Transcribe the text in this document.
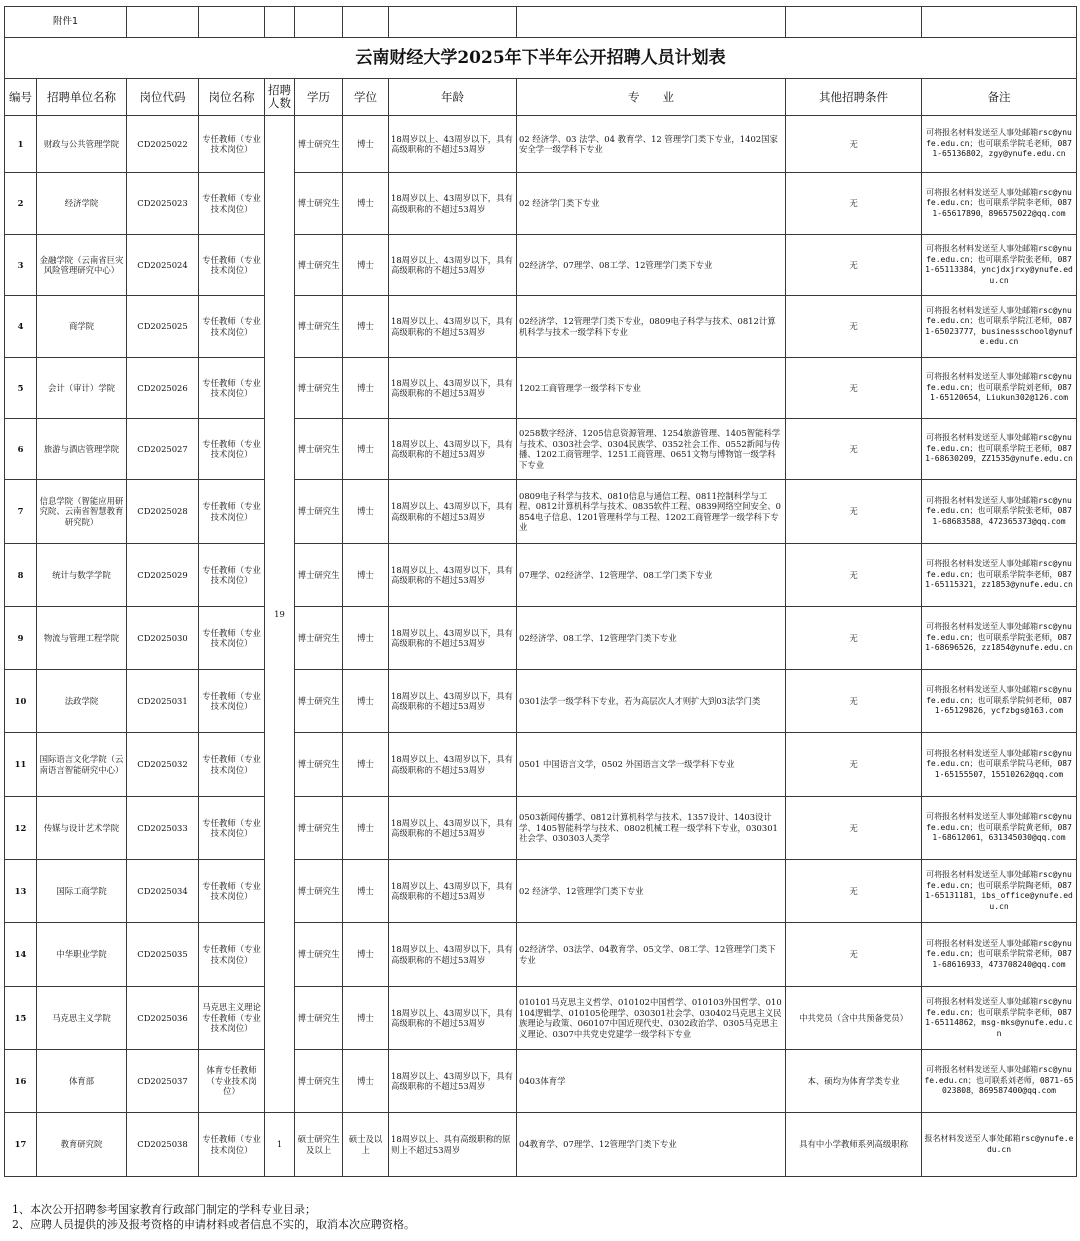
附件1										
云南财经大学2025年下半年公开招聘人员计划表										
编号	招聘单位名称	岗位代码	岗位名称	招聘人数	学历	学位	年龄	专　　业	其他招聘条件	备注
1	财政与公共管理学院	CD2025022	专任教师（专业技术岗位）	19	博士研究生	博士	18周岁以上、43周岁以下，具有高级职称的不超过53周岁	02 经济学、03 法学、04 教育学、12 管理学门类下专业，1402国家安全学一级学科下专业	无	可将报名材料发送至人事处邮箱rsc@ynufe.edu.cn；也可联系学院毛老师，0871-65136802，zgy@ynufe.edu.cn
2	经济学院	CD2025023	专任教师（专业技术岗位）		博士研究生	博士	18周岁以上、43周岁以下，具有高级职称的不超过53周岁	02 经济学门类下专业	无	可将报名材料发送至人事处邮箱rsc@ynufe.edu.cn；也可联系学院李老师，0871-65617890，896575022@qq.com
3	金融学院（云南省巨灾风险管理研究中心）	CD2025024	专任教师（专业技术岗位）		博士研究生	博士	18周岁以上、43周岁以下，具有高级职称的不超过53周岁	02经济学、07理学、08工学、12管理学门类下专业	无	可将报名材料发送至人事处邮箱rsc@ynufe.edu.cn；也可联系学院张老师，0871-65113384，yncjdxjrxy@ynufe.edu.cn
4	商学院	CD2025025	专任教师（专业技术岗位）		博士研究生	博士	18周岁以上、43周岁以下，具有高级职称的不超过53周岁	02经济学、12管理学门类下专业，0809电子科学与技术、0812计算机科学与技术一级学科下专业	无	可将报名材料发送至人事处邮箱rsc@ynufe.edu.cn；也可联系学院江老师，0871-65023777，businessschool@ynufe.edu.cn
5	会计（审计）学院	CD2025026	专任教师（专业技术岗位）		博士研究生	博士	18周岁以上、43周岁以下，具有高级职称的不超过53周岁	1202工商管理学一级学科下专业	无	可将报名材料发送至人事处邮箱rsc@ynufe.edu.cn；也可联系学院刘老师，0871-65120654，Liukun302@126.com
6	旅游与酒店管理学院	CD2025027	专任教师（专业技术岗位）		博士研究生	博士	18周岁以上、43周岁以下，具有高级职称的不超过53周岁	0258数字经济、1205信息资源管理、1254旅游管理、1405智能科学与技术、0303社会学、0304民族学、0352社会工作、0552新闻与传播、1202工商管理学、1251工商管理、0651文物与博物馆一级学科下专业	无	可将报名材料发送至人事处邮箱rsc@ynufe.edu.cn；也可联系学院王老师，0871-68630209，ZZ1535@ynufe.edu.cn
7	信息学院（智能应用研究院、云南省智慧教育研究院）	CD2025028	专任教师（专业技术岗位）		博士研究生	博士	18周岁以上、43周岁以下，具有高级职称的不超过53周岁	0809电子科学与技术、0810信息与通信工程、0811控制科学与工程、0812计算机科学与技术、0835软件工程、0839网络空间安全、0854电子信息、1201管理科学与工程、1202工商管理学一级学科下专业	无	可将报名材料发送至人事处邮箱rsc@ynufe.edu.cn；也可联系学院张老师，0871-68683588，472365373@qq.com
8	统计与数学学院	CD2025029	专任教师（专业技术岗位）		博士研究生	博士	18周岁以上、43周岁以下，具有高级职称的不超过53周岁	07理学、02经济学、12管理学、08工学门类下专业	无	可将报名材料发送至人事处邮箱rsc@ynufe.edu.cn；也可联系学院李老师，0871-65115321，zz1853@ynufe.edu.cn
9	物流与管理工程学院	CD2025030	专任教师（专业技术岗位）		博士研究生	博士	18周岁以上、43周岁以下，具有高级职称的不超过53周岁	02经济学、08工学、12管理学门类下专业	无	可将报名材料发送至人事处邮箱rsc@ynufe.edu.cn；也可联系学院张老师，0871-68696526，zz1854@ynufe.edu.cn
10	法政学院	CD2025031	专任教师（专业技术岗位）		博士研究生	博士	18周岁以上、43周岁以下，具有高级职称的不超过53周岁	0301法学一级学科下专业，若为高层次人才则扩大到03法学门类	无	可将报名材料发送至人事处邮箱rsc@ynufe.edu.cn；也可联系学院何老师，0871-65129826，ycfzbgs@163.com
11	国际语言文化学院（云南语言智能研究中心）	CD2025032	专任教师（专业技术岗位）		博士研究生	博士	18周岁以上、43周岁以下，具有高级职称的不超过53周岁	0501 中国语言文学，0502 外国语言文学一级学科下专业	无	可将报名材料发送至人事处邮箱rsc@ynufe.edu.cn；也可联系学院马老师，0871-65155507，15510262@qq.com
12	传媒与设计艺术学院	CD2025033	专任教师（专业技术岗位）		博士研究生	博士	18周岁以上、43周岁以下，具有高级职称的不超过53周岁	0503新闻传播学、0812计算机科学与技术、1357设计、1403设计学、1405智能科学与技术、0802机械工程一级学科下专业，030301社会学、030303人类学	无	可将报名材料发送至人事处邮箱rsc@ynufe.edu.cn；也可联系学院黄老师，0871-68612061，631345030@qq.com
13	国际工商学院	CD2025034	专任教师（专业技术岗位）		博士研究生	博士	18周岁以上、43周岁以下，具有高级职称的不超过53周岁	02 经济学、12管理学门类下专业	无	可将报名材料发送至人事处邮箱rsc@ynufe.edu.cn；也可联系学院陶老师，0871-65131181，ibs_office@ynufe.edu.cn
14	中华职业学院	CD2025035	专任教师（专业技术岗位）		博士研究生	博士	18周岁以上、43周岁以下，具有高级职称的不超过53周岁	02经济学、03法学、04教育学、05文学、08工学、12管理学门类下专业	无	可将报名材料发送至人事处邮箱rsc@ynufe.edu.cn；也可联系学院常老师，0871-68616933，473708240@qq.com
15	马克思主义学院	CD2025036	马克思主义理论专任教师（专业技术岗位）		博士研究生	博士	18周岁以上、43周岁以下，具有高级职称的不超过53周岁	010101马克思主义哲学、010102中国哲学、010103外国哲学、010104逻辑学、010105伦理学、030301社会学、030402马克思主义民族理论与政策、060107中国近现代史、0302政治学、0305马克思主义理论、0307中共党史党建学一级学科下专业	中共党员（含中共预备党员）	可将报名材料发送至人事处邮箱rsc@ynufe.edu.cn；也可联系学院李老师，0871-65114862，msg-mks@ynufe.edu.cn
16	体育部	CD2025037	体育专任教师（专业技术岗位）		博士研究生	博士	18周岁以上、43周岁以下，具有高级职称的不超过53周岁	0403体育学	本、硕均为体育学类专业	可将报名材料发送至人事处邮箱rsc@ynufe.edu.cn；也可联系刘老师，0871-65023808，869587400@qq.com
17	教育研究院	CD2025038	专任教师（专业技术岗位）	1	硕士研究生及以上	硕士及以上	18周岁以上、具有高级职称的原则上不超过53周岁	04教育学、07理学、12管理学门类下专业	具有中小学教师系列高级职称	报名材料发送至人事处邮箱rsc@ynufe.edu.cn
1、本次公开招聘参考国家教育行政部门制定的学科专业目录；
2、应聘人员提供的涉及报考资格的申请材料或者信息不实的，取消本次应聘资格。
